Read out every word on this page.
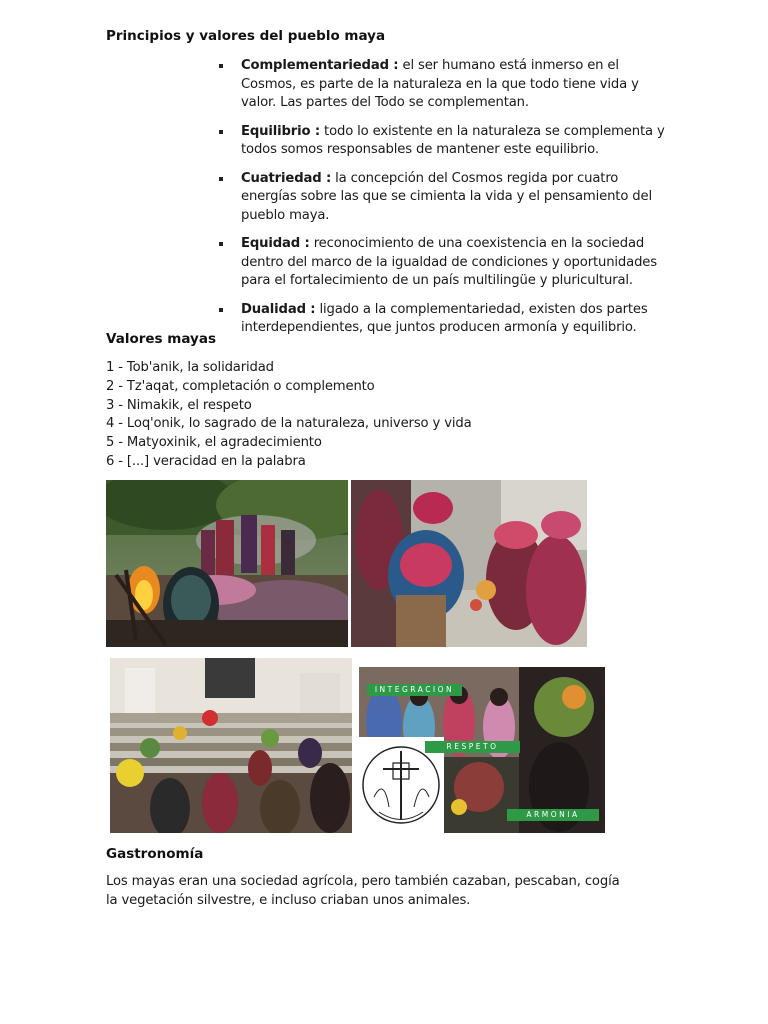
Principios y valores del pueblo maya
Complementariedad : el ser humano está inmerso en el Cosmos, es parte de la naturaleza en la que todo tiene vida y valor. Las partes del Todo se complementan.
Equilibrio : todo lo existente en la naturaleza se complementa y todos somos responsables de mantener este equilibrio.
Cuatriedad : la concepción del Cosmos regida por cuatro energías sobre las que se cimienta la vida y el pensamiento del pueblo maya.
Equidad : reconocimiento de una coexistencia en la sociedad dentro del marco de la igualdad de condiciones y oportunidades para el fortalecimiento de un país multilingüe y pluricultural.
Dualidad : ligado a la complementariedad, existen dos partes interdependientes, que juntos producen armonía y equilibrio.
Valores mayas
1 - Tob'anik, la solidaridad
2 - Tz'aqat, completación o complemento
3 - Nimakik, el respeto
4 - Loq'onik, lo sagrado de la naturaleza, universo y vida
5 - Matyoxinik, el agradecimiento
6 - [...] veracidad en la palabra
INTEGRACION
RESPETO
ARMONIA
Gastronomía
Los mayas eran una sociedad agrícola, pero también cazaban, pescaban, cogía la vegetación silvestre, e incluso criaban unos animales.
